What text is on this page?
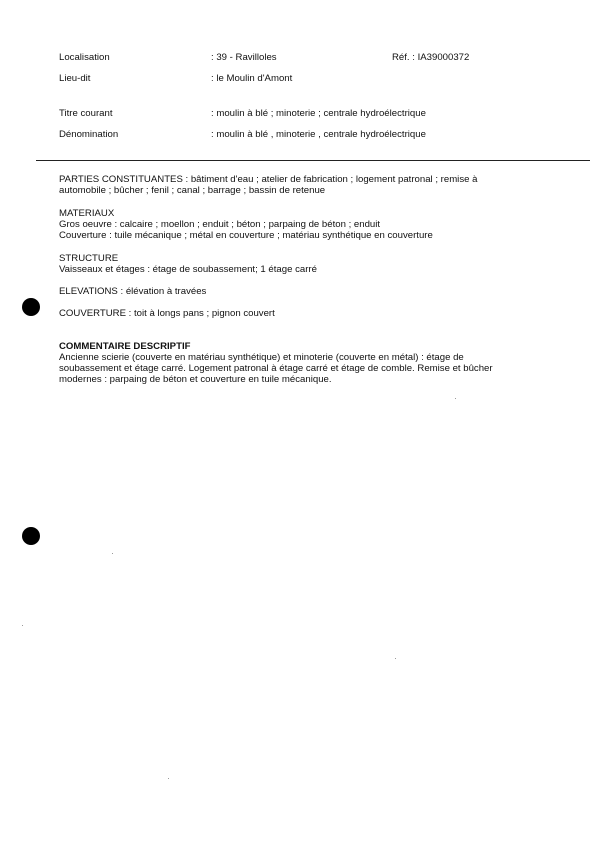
Localisation	: 39 - Ravilloles	Réf. : IA39000372
Lieu-dit	: le Moulin d'Amont
Titre courant	: moulin à blé ; minoterie ; centrale hydroélectrique
Dénomination	: moulin à blé , minoterie , centrale hydroélectrique
PARTIES CONSTITUANTES : bâtiment d'eau ; atelier de fabrication ; logement patronal ; remise à
automobile ; bûcher ; fenil ; canal ; barrage ; bassin de retenue
MATERIAUX
Gros oeuvre : calcaire ; moellon ; enduit ; béton ; parpaing de béton ; enduit
Couverture : tuile mécanique ; métal en couverture ; matériau synthétique en couverture
STRUCTURE
Vaisseaux et étages : étage de soubassement; 1 étage carré
ELEVATIONS : élévation à travées
COUVERTURE : toit à longs pans ; pignon couvert
COMMENTAIRE DESCRIPTIF
Ancienne scierie (couverte en matériau synthétique) et minoterie (couverte en métal) : étage de
soubassement et étage carré. Logement patronal à étage carré et étage de comble. Remise et bûcher
modernes : parpaing de béton et couverture en tuile mécanique.
